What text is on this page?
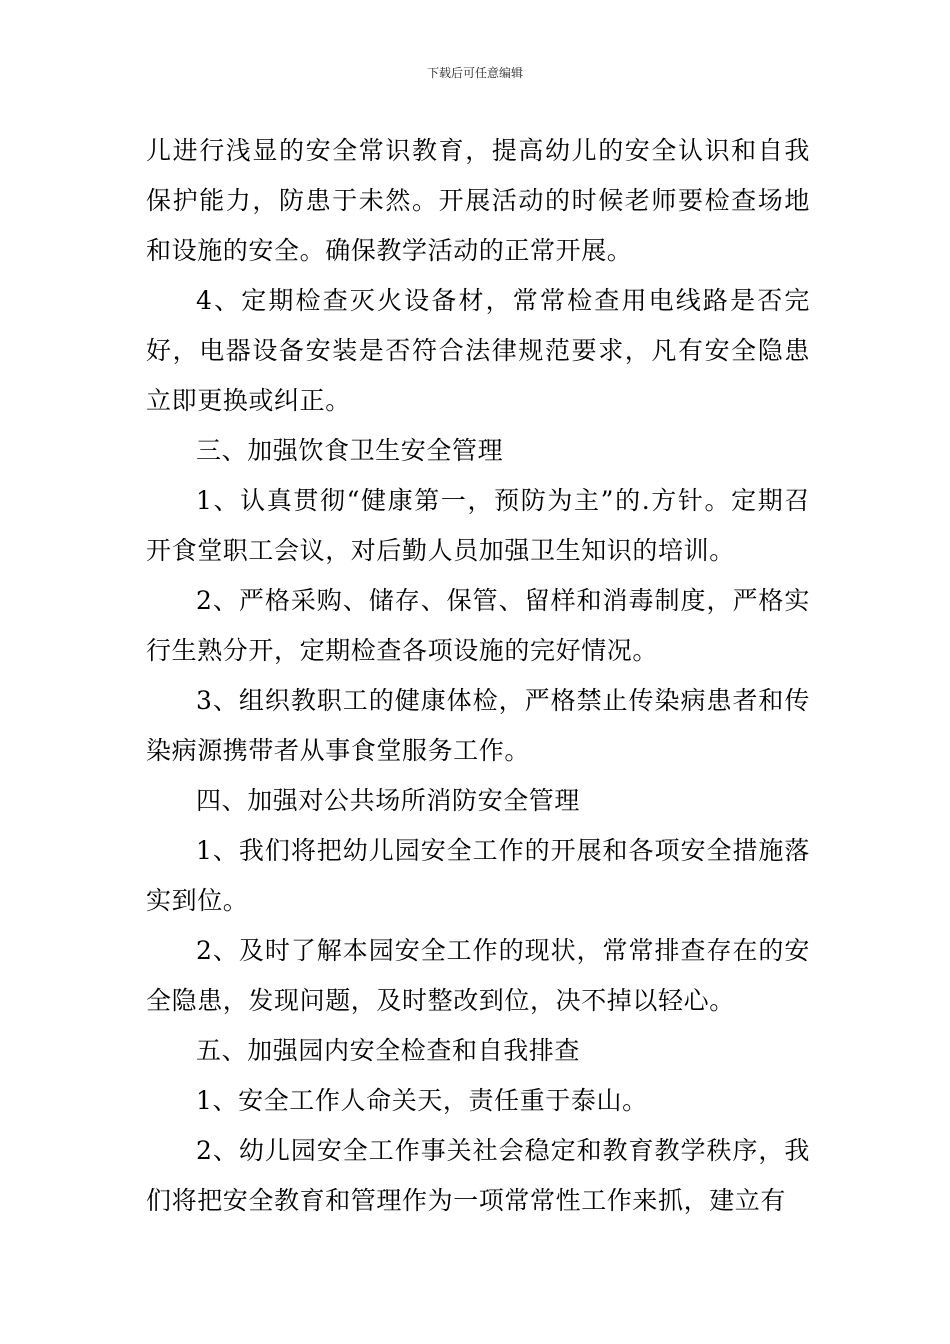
下载后可任意编辑

儿进行浅显的安全常识教育，提高幼儿的安全认识和自我保护能力，防患于未然。开展活动的时候老师要检查场地和设施的安全。确保教学活动的正常开展。

4、定期检查灭火设备材，常常检查用电线路是否完好，电器设备安装是否符合法律规范要求，凡有安全隐患立即更换或纠正。

三、加强饮食卫生安全管理

1、认真贯彻“健康第一，预防为主”的.方针。定期召开食堂职工会议，对后勤人员加强卫生知识的培训。

2、严格采购、储存、保管、留样和消毒制度，严格实行生熟分开，定期检查各项设施的完好情况。

3、组织教职工的健康体检，严格禁止传染病患者和传染病源携带者从事食堂服务工作。

四、加强对公共场所消防安全管理

1、我们将把幼儿园安全工作的开展和各项安全措施落实到位。

2、及时了解本园安全工作的现状，常常排查存在的安全隐患，发现问题，及时整改到位，决不掉以轻心。

五、加强园内安全检查和自我排查

1、安全工作人命关天，责任重于泰山。

2、幼儿园安全工作事关社会稳定和教育教学秩序，我们将把安全教育和管理作为一项常常性工作来抓，建立有
